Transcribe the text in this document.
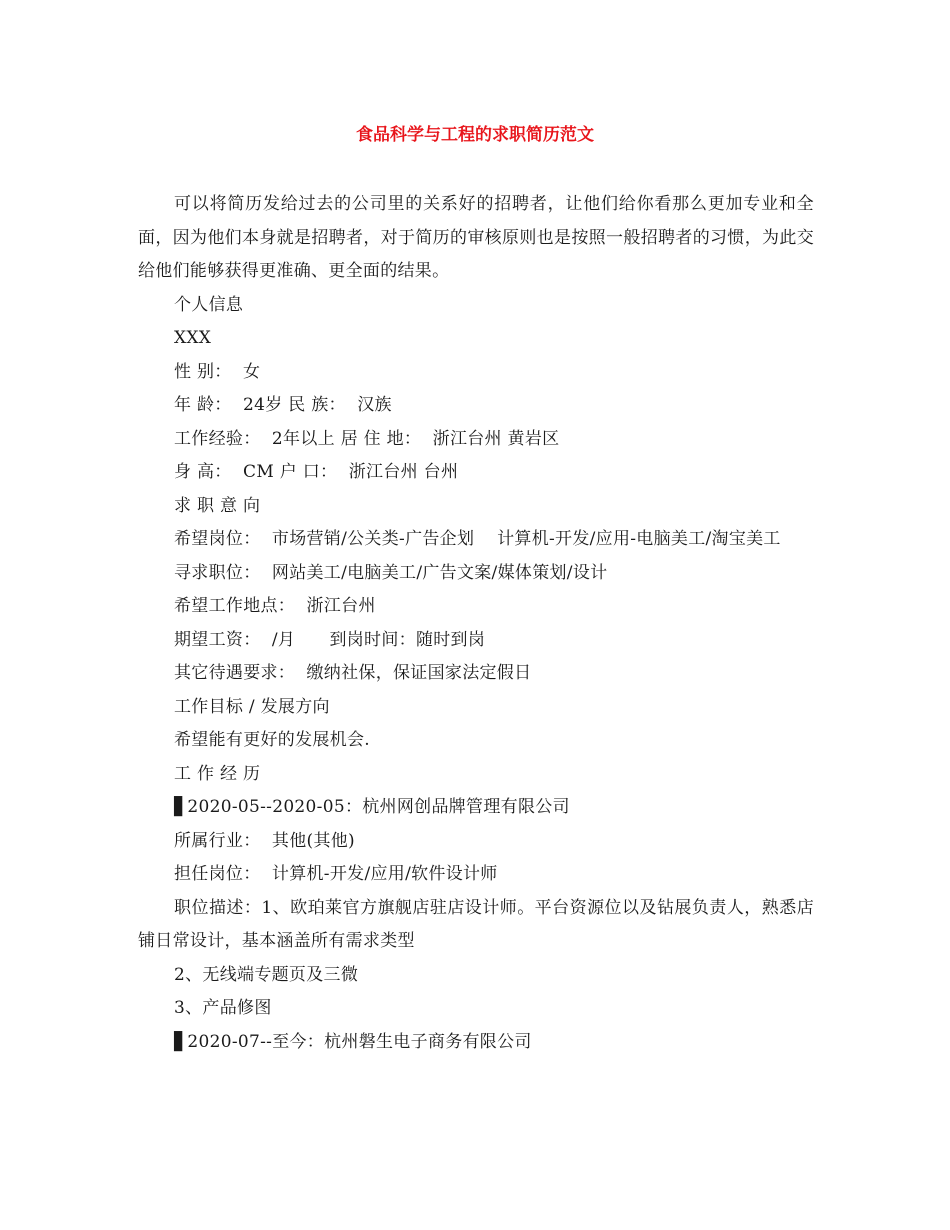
食品科学与工程的求职简历范文

可以将简历发给过去的公司里的关系好的招聘者，让他们给你看那么更加专业和全面，因为他们本身就是招聘者，对于简历的审核原则也是按照一般招聘者的习惯，为此交给他们能够获得更准确、更全面的结果。

个人信息

XXX

性 别：  女

年 龄：  24岁 民 族：  汉族

工作经验：  2年以上 居 住 地：  浙江台州 黄岩区

身 高：  CM 户 口：  浙江台州 台州

求 职 意 向

希望岗位：  市场营销/公关类-广告企划    计算机-开发/应用-电脑美工/淘宝美工

寻求职位：  网站美工/电脑美工/广告文案/媒体策划/设计

希望工作地点：  浙江台州

期望工资：  /月      到岗时间：随时到岗

其它待遇要求：  缴纳社保，保证国家法定假日

工作目标 / 发展方向

希望能有更好的发展机会.

工 作 经 历

▋2020-05--2020-05：杭州网创品牌管理有限公司

所属行业：  其他(其他)

担任岗位：  计算机-开发/应用/软件设计师

职位描述：1、欧珀莱官方旗舰店驻店设计师。平台资源位以及钻展负责人，熟悉店铺日常设计，基本涵盖所有需求类型

2、无线端专题页及三微

3、产品修图

▋2020-07--至今：杭州磐生电子商务有限公司
